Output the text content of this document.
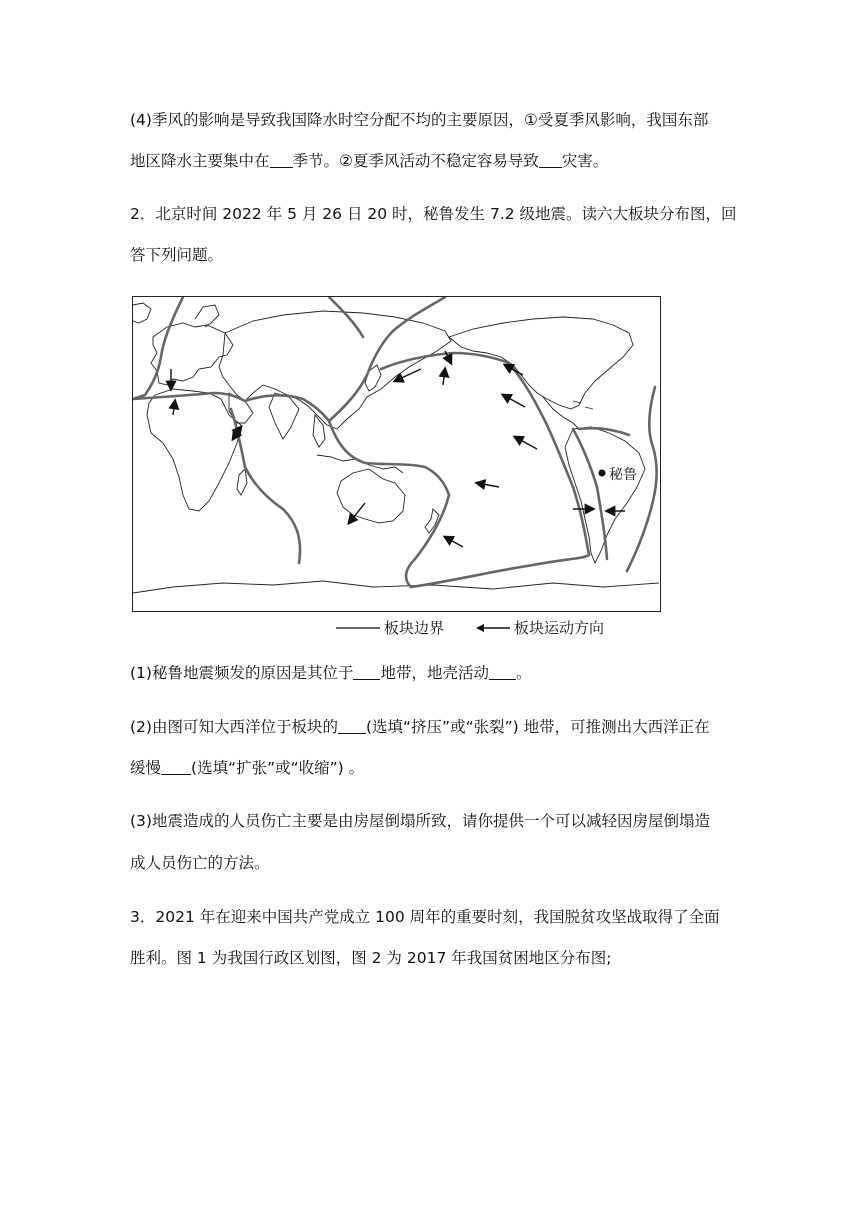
(4)季风的影响是导致我国降水时空分配不均的主要原因，①受夏季风影响，我国东部
地区降水主要集中在 季节。②夏季风活动不稳定容易导致 灾害。
2．北京时间 2022 年 5 月 26 日 20 时，秘鲁发生 7.2 级地震。读六大板块分布图，回
答下列问题。
秘鲁
板块边界	板块运动方向
(1)秘鲁地震频发的原因是其位于 地带，地壳活动 。
(2)由图可知大西洋位于板块的 (选填“挤压”或“张裂”) 地带，可推测出大西洋正在
缓慢 (选填“扩张”或“收缩”) 。
(3)地震造成的人员伤亡主要是由房屋倒塌所致，请你提供一个可以减轻因房屋倒塌造
成人员伤亡的方法。
3．2021 年在迎来中国共产党成立 100 周年的重要时刻，我国脱贫攻坚战取得了全面
胜利。图 1 为我国行政区划图，图 2 为 2017 年我国贫困地区分布图;
